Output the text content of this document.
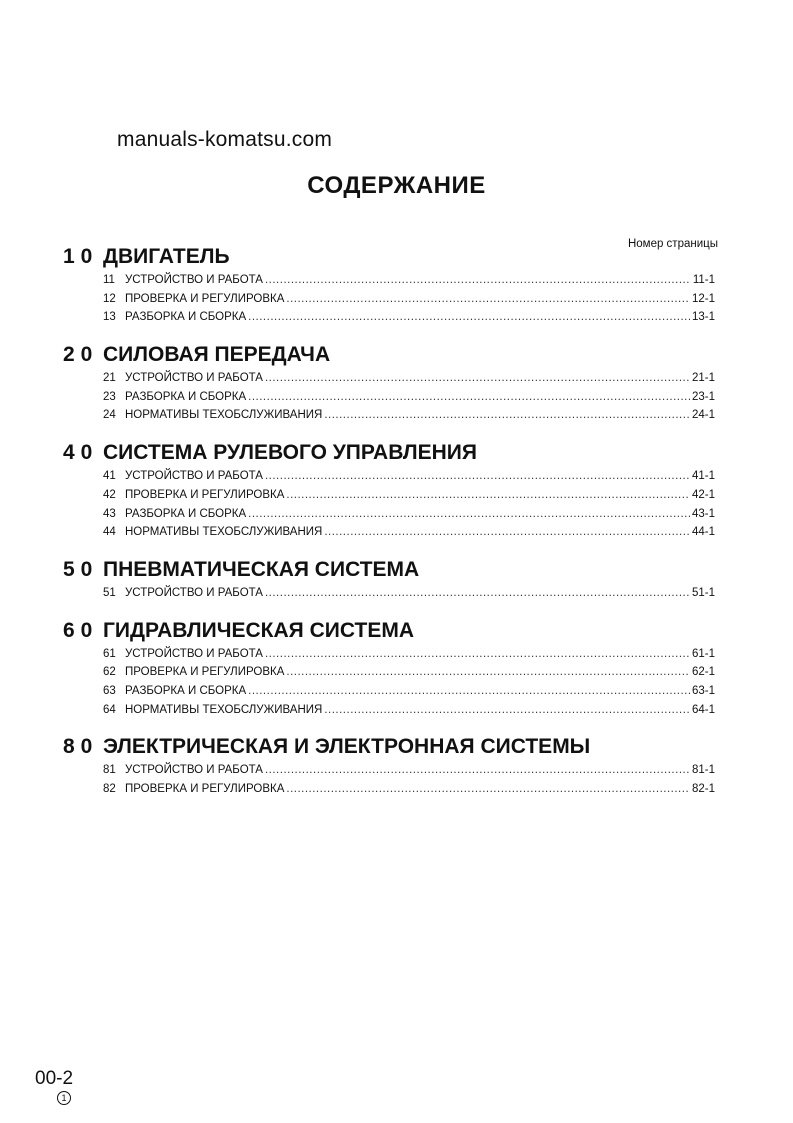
manuals-komatsu.com
СОДЕРЖАНИЕ
Номер страницы
10 ДВИГАТЕЛЬ
11 УСТРОЙСТВО И РАБОТА .....	11-1
12 ПРОВЕРКА И РЕГУЛИРОВКА .....	12-1
13 РАЗБОРКА И СБОРКА .....	13-1
20 СИЛОВАЯ ПЕРЕДАЧА
21 УСТРОЙСТВО И РАБОТА .....	21-1
23 РАЗБОРКА И СБОРКА .....	23-1
24 НОРМАТИВЫ ТЕХОБСЛУЖИВАНИЯ .....	24-1
40 СИСТЕМА РУЛЕВОГО УПРАВЛЕНИЯ
41 УСТРОЙСТВО И РАБОТА .....	41-1
42 ПРОВЕРКА И РЕГУЛИРОВКА .....	42-1
43 РАЗБОРКА И СБОРКА .....	43-1
44 НОРМАТИВЫ ТЕХОБСЛУЖИВАНИЯ .....	44-1
50 ПНЕВМАТИЧЕСКАЯ СИСТЕМА
51 УСТРОЙСТВО И РАБОТА .....	51-1
60 ГИДРАВЛИЧЕСКАЯ СИСТЕМА
61 УСТРОЙСТВО И РАБОТА .....	61-1
62 ПРОВЕРКА И РЕГУЛИРОВКА .....	62-1
63 РАЗБОРКА И СБОРКА .....	63-1
64 НОРМАТИВЫ ТЕХОБСЛУЖИВАНИЯ .....	64-1
80 ЭЛЕКТРИЧЕСКАЯ И ЭЛЕКТРОННАЯ СИСТЕМЫ
81 УСТРОЙСТВО И РАБОТА .....	81-1
82 ПРОВЕРКА И РЕГУЛИРОВКА .....	82-1
00-2
1
